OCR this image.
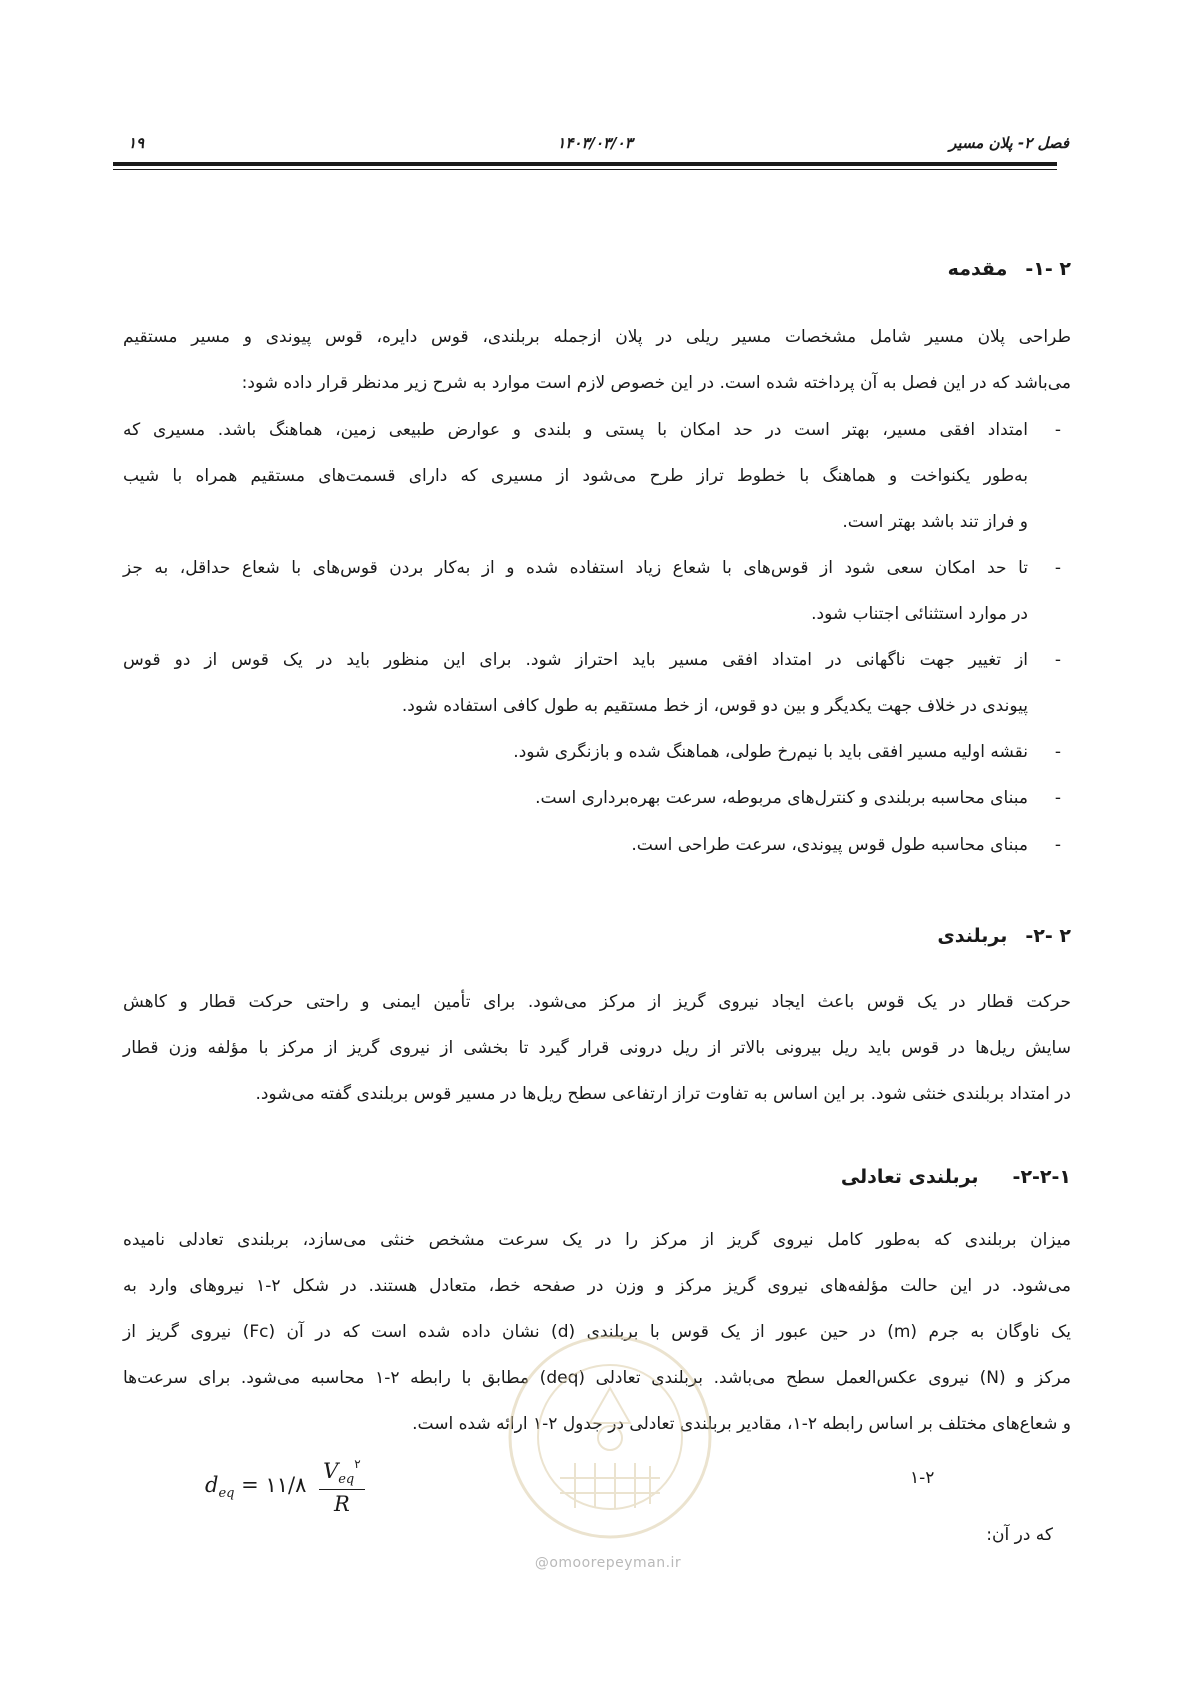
فصل ۲- پلان مسیر
۱۴۰۳/۰۳/۰۳
۱۹
۲ -۱-مقدمه
طراحی پلان مسیر شامل مشخصات مسیر ریلی در پلان ازجمله بربلندی، قوس دایره، قوس پیوندی و مسیر مستقیم
می‌باشد که در این فصل به آن پرداخته شده است. در این خصوص لازم است موارد به شرح زیر مدنظر قرار داده شود:
-
امتداد افقی مسیر، بهتر است در حد امکان با پستی و بلندی و عوارض طبیعی زمین، هماهنگ باشد. مسیری که
به‌طور یکنواخت و هماهنگ با خطوط تراز طرح می‌شود از مسیری که دارای قسمت‌های مستقیم همراه با شیب
و فراز تند باشد بهتر است.
-
تا حد امکان سعی شود از قوس‌های با شعاع زیاد استفاده شده و از به‌کار بردن قوس‌های با شعاع حداقل، به جز
در موارد استثنائی اجتناب شود.
-
از تغییر جهت ناگهانی در امتداد افقی مسیر باید احتراز شود. برای این منظور باید در یک قوس از دو قوس
پیوندی در خلاف جهت یکدیگر و بین دو قوس، از خط مستقیم به طول کافی استفاده شود.
-
نقشه اولیه مسیر افقی باید با نیم‌رخ طولی، هماهنگ شده و بازنگری شود.
-
مبنای محاسبه بربلندی و کنترل‌های مربوطه، سرعت بهره‌برداری است.
-
مبنای محاسبه طول قوس پیوندی، سرعت طراحی است.
۲ -۲-بربلندی
حرکت قطار در یک قوس باعث ایجاد نیروی گریز از مرکز می‌شود. برای تأمین ایمنی و راحتی حرکت قطار و کاهش
سایش ریل‌ها در قوس باید ریل بیرونی بالاتر از ریل درونی قرار گیرد تا بخشی از نیروی گریز از مرکز با مؤلفه وزن قطار
در امتداد بربلندی خنثی شود. بر این اساس به تفاوت تراز ارتفاعی سطح ریل‌ها در مسیر قوس بربلندی گفته می‌شود.
۲-۲-۱-بربلندی تعادلی
میزان بربلندی که به‌طور کامل نیروی گریز از مرکز را در یک سرعت مشخص خنثی می‌سازد، بربلندی تعادلی نامیده
می‌شود. در این حالت مؤلفه‌های نیروی گریز مرکز و وزن در صفحه خط، متعادل هستند. در شکل ۲-۱ نیروهای وارد به
یک ناوگان به جرم (m) در حین عبور از یک قوس با بربلندی (d) نشان داده شده است که در آن (Fc) نیروی گریز از
مرکز و (N) نیروی عکس‌العمل سطح می‌باشد. بربلندی تعادلی (deq) مطابق با رابطه ۲-۱ محاسبه می‌شود. برای سرعت‌ها
و شعاع‌های مختلف بر اساس رابطه ۲-۱، مقادیر بربلندی تعادلی در جدول ۲-۱ ارائه شده است.
$d_{eq}$ = ۱۱/۸ $\frac{V_{eq}^۲}{R}$	۱-۲
که در آن:
@omoorepeyman.ir
